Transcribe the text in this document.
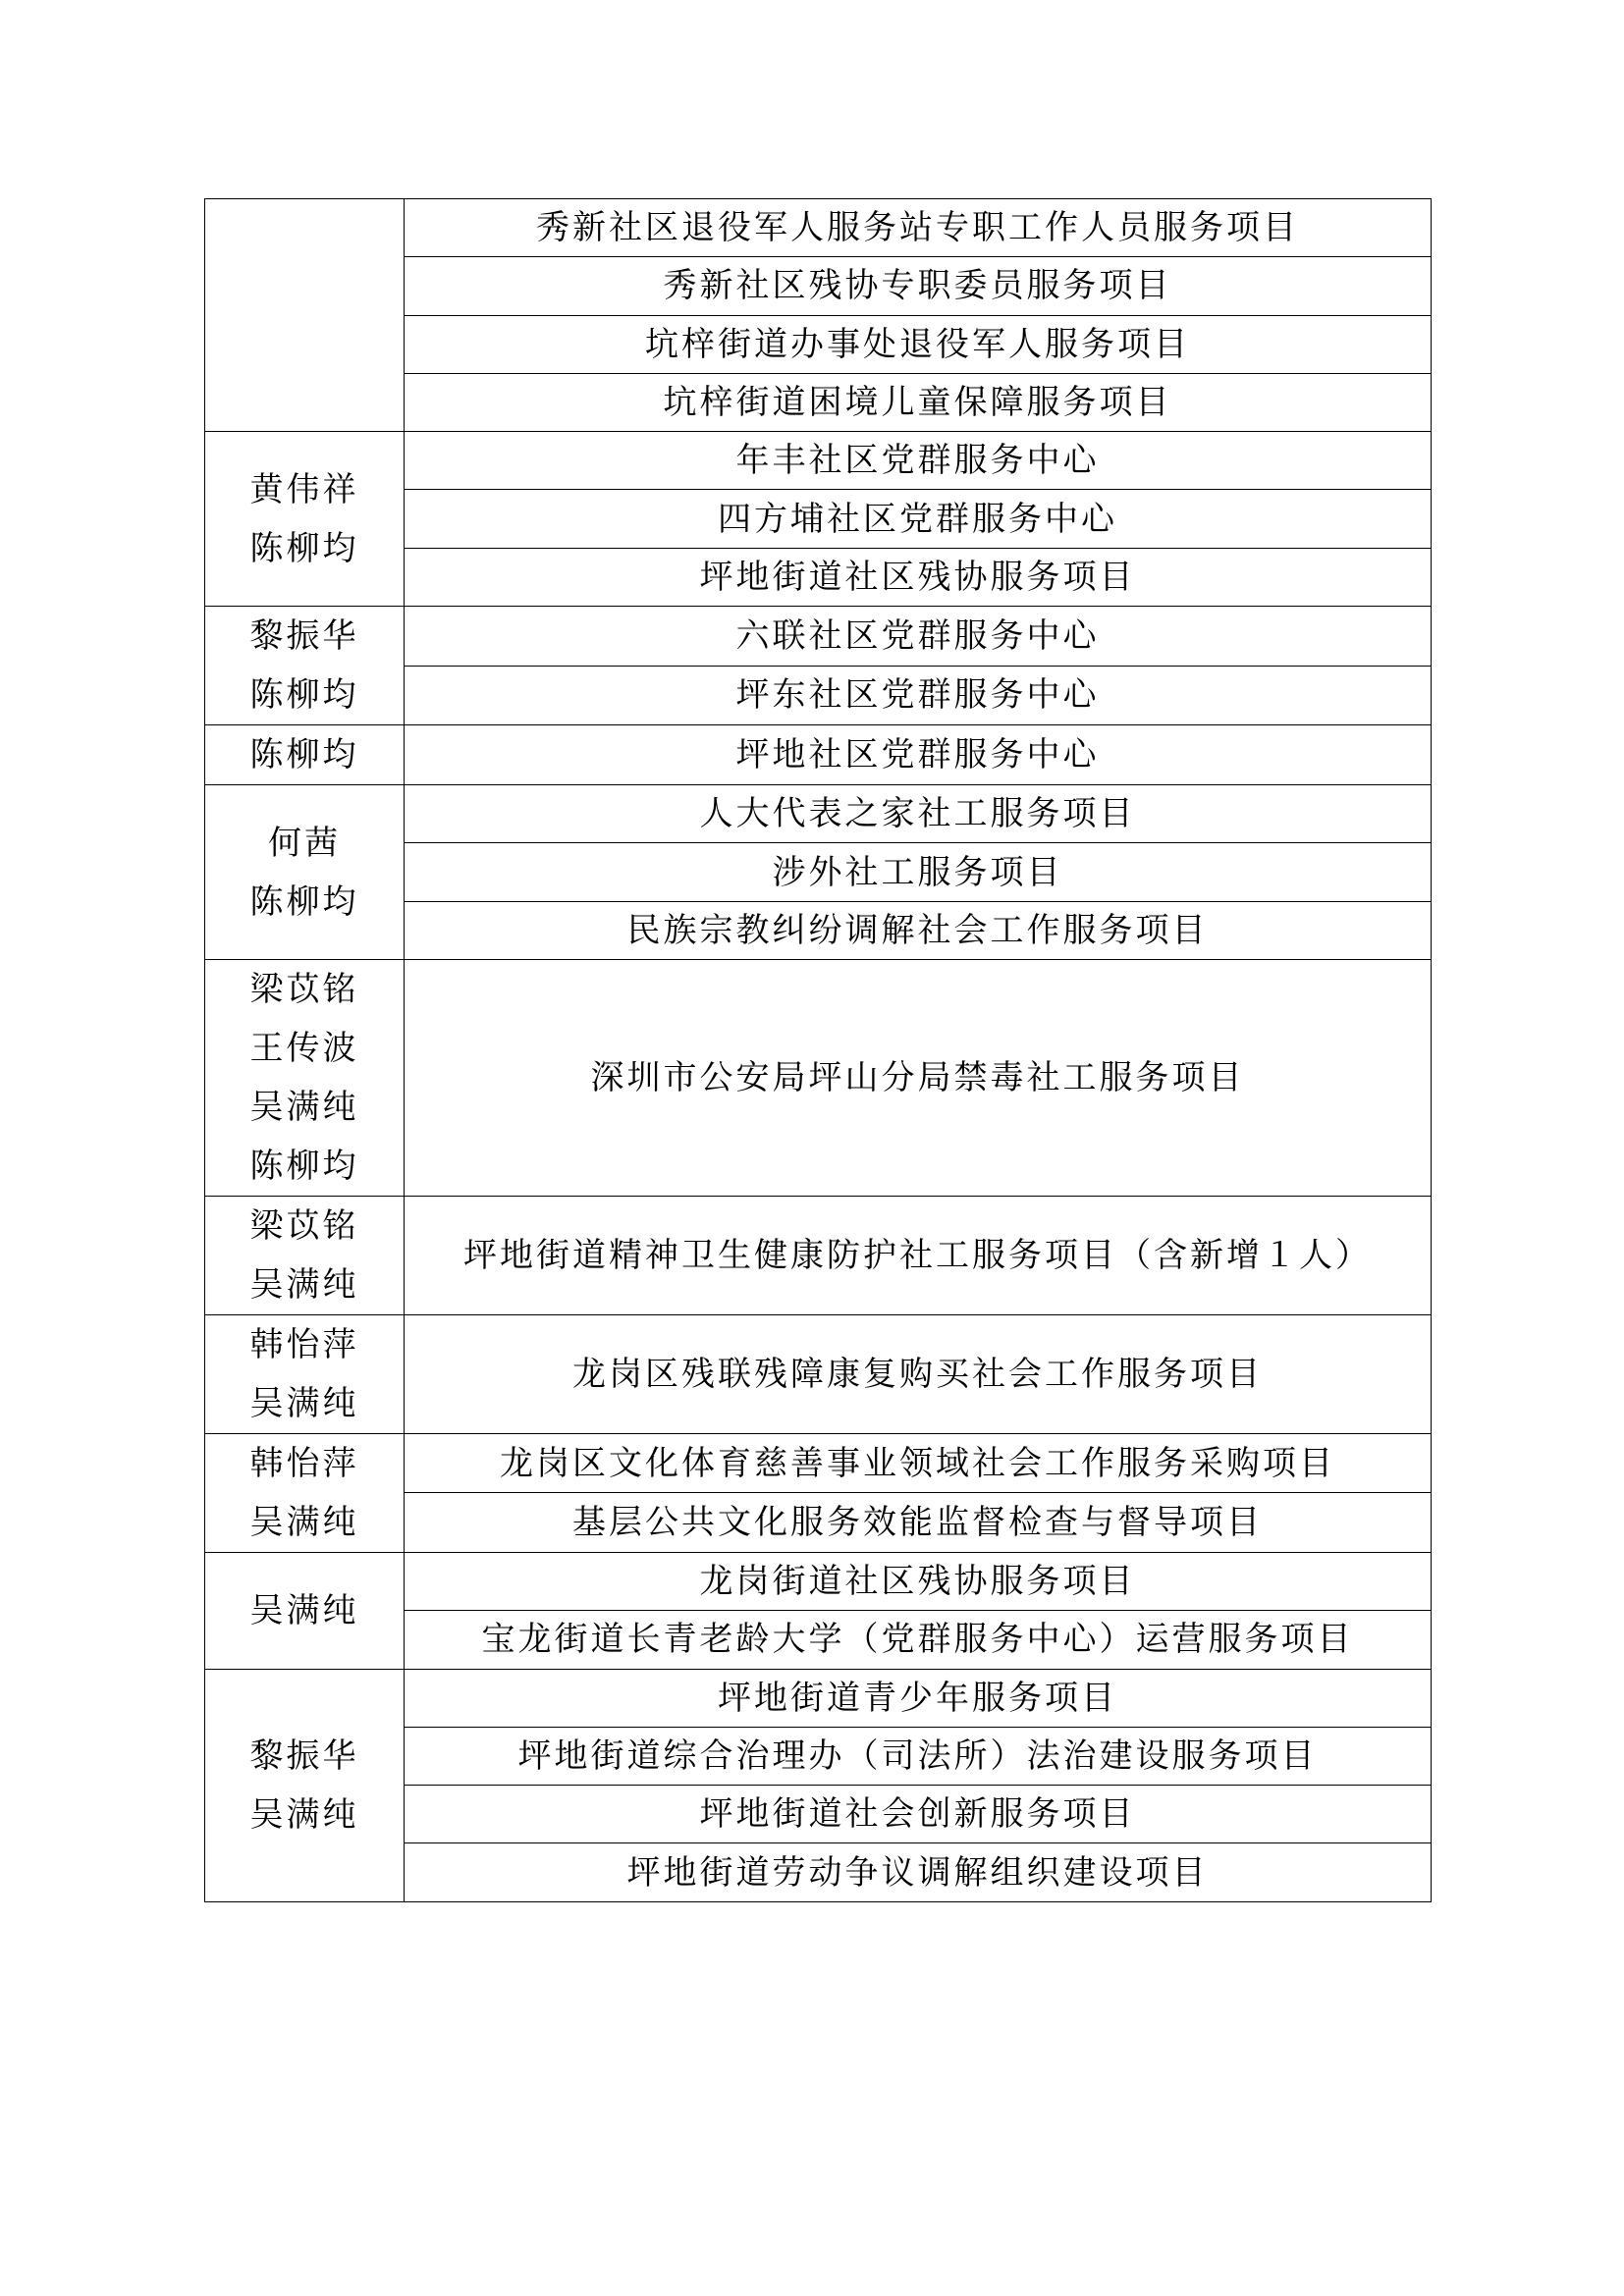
	秀新社区退役军人服务站专职工作人员服务项目
	秀新社区残协专职委员服务项目
	坑梓街道办事处退役军人服务项目
	坑梓街道困境儿童保障服务项目

黄伟祥
陈柳均	年丰社区党群服务中心
	四方埔社区党群服务中心
	坪地街道社区残协服务项目

黎振华
陈柳均	六联社区党群服务中心
	坪东社区党群服务中心

陈柳均	坪地社区党群服务中心

何茜
陈柳均	人大代表之家社工服务项目
	涉外社工服务项目
	民族宗教纠纷调解社会工作服务项目

梁苡铭
王传波
吴满纯
陈柳均	深圳市公安局坪山分局禁毒社工服务项目

梁苡铭
吴满纯	坪地街道精神卫生健康防护社工服务项目（含新增１人）

韩怡萍
吴满纯	龙岗区残联残障康复购买社会工作服务项目

韩怡萍
吴满纯	龙岗区文化体育慈善事业领域社会工作服务采购项目
	基层公共文化服务效能监督检查与督导项目

吴满纯	龙岗街道社区残协服务项目
	宝龙街道长青老龄大学（党群服务中心）运营服务项目

黎振华
吴满纯	坪地街道青少年服务项目
	坪地街道综合治理办（司法所）法治建设服务项目
	坪地街道社会创新服务项目
	坪地街道劳动争议调解组织建设项目
